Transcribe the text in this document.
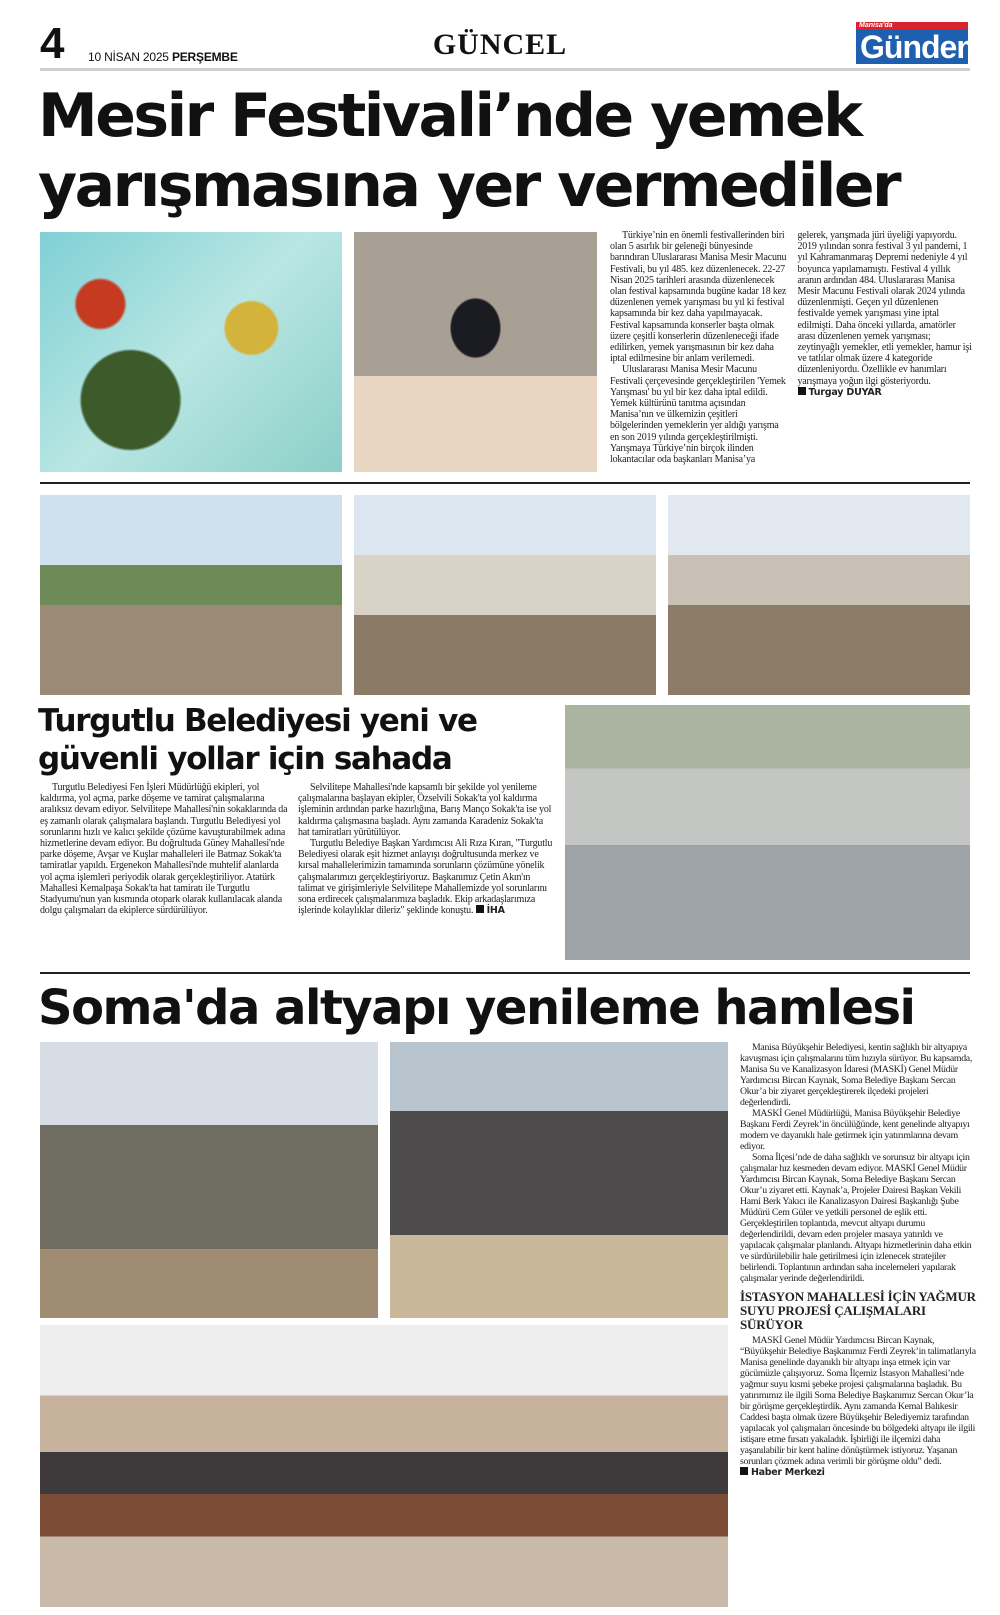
4 10 NİSAN 2025 PERŞEMBE	GÜNCEL
Manisa'da
Gündem
Mesir Festivali’nde yemek
yarışmasına yer vermediler

Türkiye’nin en önemli festivallerinden biri olan 5 asırlık bir geleneği bünyesinde barındıran Uluslararası Manisa Mesir Macunu Festivali, bu yıl 485. kez düzenlenecek. 22-27 Nisan 2025 tarihleri arasında düzenlenecek olan festival kapsamında bugüne kadar 18 kez düzenlenen yemek yarışması bu yıl ki festival kapsamında bir kez daha yapılmayacak. Festival kapsamında konserler başta olmak üzere çeşitli konserlerin düzenleneceği ifade edilirken, yemek yarışmasının bir kez daha iptal edilmesine bir anlam verilemedi.

Uluslararası Manisa Mesir Macunu Festivali çerçevesinde gerçekleştirilen 'Yemek Yarışması' bu yıl bir kez daha iptal edildi. Yemek kültürünü tanıtma açısından Manisa’nın ve ülkemizin çeşitleri bölgelerinden yemeklerin yer aldığı yarışma en son 2019 yılında gerçekleştirilmişti. Yarışmaya Türkiye’nin birçok ilinden lokantacılar oda başkanları Manisa’ya gelerek, yarışmada jüri üyeliği yapıyordu. 2019 yılından sonra festival 3 yıl pandemi, 1 yıl Kahramanmaraş Depremi nedeniyle 4 yıl boyunca yapılamamıştı. Festival 4 yıllık aranın ardından 484. Uluslararası Manisa Mesir Macunu Festivali olarak 2024 yılında düzenlenmişti. Geçen yıl düzenlenen festivalde yemek yarışması yine iptal edilmişti. Daha önceki yıllarda, amatörler arası düzenlenen yemek yarışması; zeytinyağlı yemekler, etli yemekler, hamur işi ve tatlılar olmak üzere 4 kategoride düzenleniyordu. Özellikle ev hanımları yarışmaya yoğun ilgi gösteriyordu. Turgay DUYAR

Turgutlu Belediyesi yeni ve
güvenli yollar için sahada

Turgutlu Belediyesi Fen İşleri Müdürlüğü ekipleri, yol kaldırma, yol açma, parke döşeme ve tamirat çalışmalarına aralıksız devam ediyor. Selvilitepe Mahallesi'nin sokaklarında da eş zamanlı olarak çalışmalara başlandı. Turgutlu Belediyesi yol sorunlarını hızlı ve kalıcı şekilde çözüme kavuşturabilmek adına hizmetlerine devam ediyor. Bu doğrultuda Güney Mahallesi'nde parke döşeme, Avşar ve Kuşlar mahalleleri ile Batmaz Sokak'ta tamiratlar yapıldı. Ergenekon Mahallesi'nde muhtelif alanlarda yol açma işlemleri periyodik olarak gerçekleştiriliyor. Atatürk Mahallesi Kemalpaşa Sokak'ta hat tamiratı ile Turgutlu Stadyumu'nun yan kısmında otopark olarak kullanılacak alanda dolgu çalışmaları da ekiplerce sürdürülüyor.

Selvilitepe Mahallesi'nde kapsamlı bir şekilde yol yenileme çalışmalarına başlayan ekipler, Özselvili Sokak'ta yol kaldırma işleminin ardından parke hazırlığına, Barış Manço Sokak'ta ise yol kaldırma çalışmasına başladı. Aynı zamanda Karadeniz Sokak'ta hat tamiratları yürütülüyor.

Turgutlu Belediye Başkan Yardımcısı Ali Rıza Kıran, "Turgutlu Belediyesi olarak eşit hizmet anlayışı doğrultusunda merkez ve kırsal mahallelerimizin tamamında sorunların çözümüne yönelik çalışmalarımızı gerçekleştiriyoruz. Başkanımız Çetin Akın'ın talimat ve girişimleriyle Selvilitepe Mahallemizde yol sorunlarını sona erdirecek çalışmalarımıza başladık. Ekip arkadaşlarımıza işlerinde kolaylıklar dileriz" şeklinde konuştu. İHA

Soma'da altyapı yenileme hamlesi

Manisa Büyükşehir Belediyesi, kentin sağlıklı bir altyapıya kavuşması için çalışmalarını tüm hızıyla sürüyor. Bu kapsamda, Manisa Su ve Kanalizasyon İdaresi (MASKİ) Genel Müdür Yardımcısı Bircan Kaynak, Soma Belediye Başkanı Sercan Okur’a bir ziyaret gerçekleştirerek ilçedeki projeleri değerlendirdi.

MASKİ Genel Müdürlüğü, Manisa Büyükşehir Belediye Başkanı Ferdi Zeyrek’in öncülüğünde, kent genelinde altyapıyı modern ve dayanıklı hale getirmek için yatırımlarına devam ediyor.

Soma İlçesi’nde de daha sağlıklı ve sorunsuz bir altyapı için çalışmalar hız kesmeden devam ediyor. MASKİ Genel Müdür Yardımcısı Bircan Kaynak, Soma Belediye Başkanı Sercan Okur’u ziyaret etti. Kaynak’a, Projeler Dairesi Başkan Vekili Hami Berk Yakıcı ile Kanalizasyon Dairesi Başkanlığı Şube Müdürü Cem Güler ve yetkili personel de eşlik etti. Gerçekleştirilen toplantıda, mevcut altyapı durumu değerlendirildi, devam eden projeler masaya yatırıldı ve yapılacak çalışmalar planlandı. Altyapı hizmetlerinin daha etkin ve sürdürülebilir hale getirilmesi için izlenecek stratejiler belirlendi. Toplantının ardından saha incelemeleri yapılarak çalışmalar yerinde değerlendirildi.

İSTASYON MAHALLESİ İÇİN YAĞMUR SUYU PROJESİ ÇALIŞMALARI SÜRÜYOR

MASKİ Genel Müdür Yardımcısı Bircan Kaynak, “Büyükşehir Belediye Başkanımız Ferdi Zeyrek’in talimatlarıyla Manisa genelinde dayanıklı bir altyapı inşa etmek için var gücümüzle çalışıyoruz. Soma İlçemiz İstasyon Mahallesi’nde yağmur suyu kısmi şebeke projesi çalışmalarına başladık. Bu yatırımımız ile ilgili Soma Belediye Başkanımız Sercan Okur’la bir görüşme gerçekleştirdik. Aynı zamanda Kemal Balıkesir Caddesi başta olmak üzere Büyükşehir Belediyemiz tarafından yapılacak yol çalışmaları öncesinde bu bölgedeki altyapı ile ilgili istişare etme fırsatı yakaladık. İşbirliği ile ilçemizi daha yaşanılabilir bir kent haline dönüştürmek istiyoruz. Yaşanan sorunları çözmek adına verimli bir görüşme oldu” dedi. Haber Merkezi
